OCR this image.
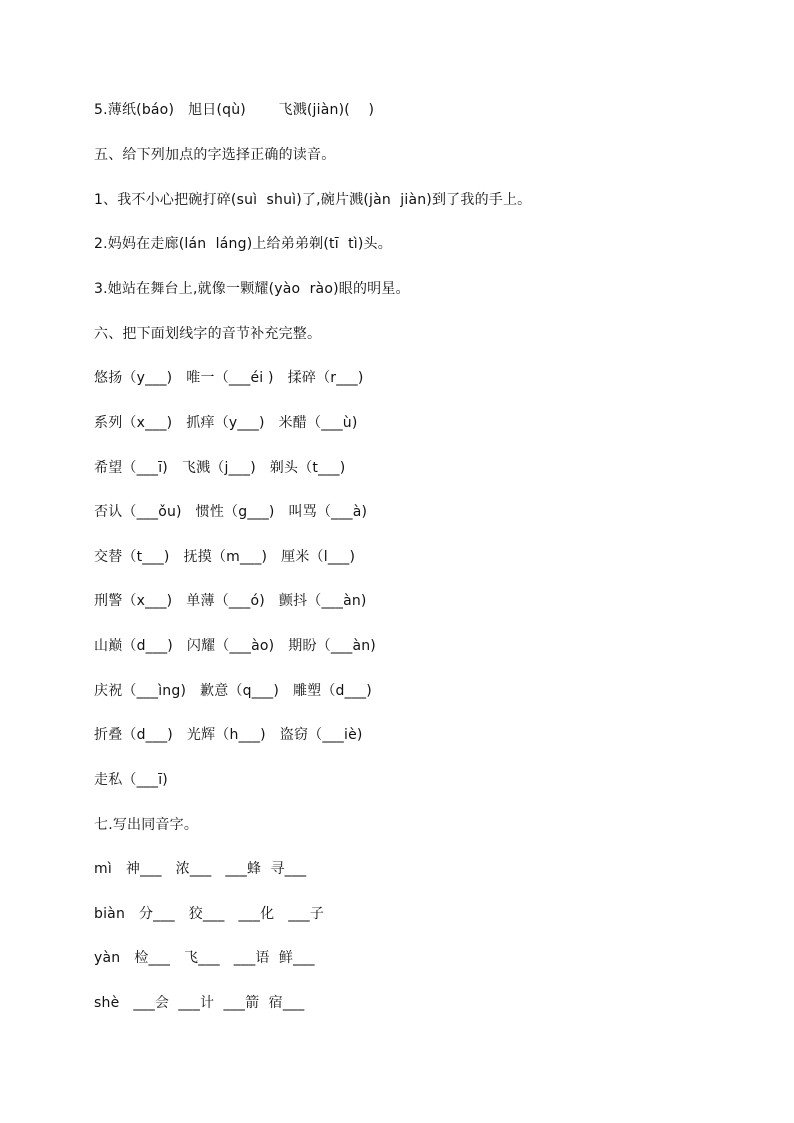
5.薄纸(báo)   旭日(qù)       飞溅(jiàn)(    )
五、给下列加点的字选择正确的读音。
1、我不小心把碗打碎(suì  shuì)了,碗片溅(jàn  jiàn)到了我的手上。
2.妈妈在走廊(lán  láng)上给弟弟剃(tī  tì)头。
3.她站在舞台上,就像一颗耀(yào  rào)眼的明星。
六、把下面划线字的音节补充完整。
悠扬（y___)   唯一（___éi )   揉碎（r___)
系列（x___)   抓痒（y___)   米醋（___ù)
希望（___ī)   飞溅（j___)   剃头（t___)
否认（___ǒu)   惯性（g___)   叫骂（___à)
交替（t___)   抚摸（m___)   厘米（l___)
刑警（x___)   单薄（___ó)   颤抖（___àn)
山巅（d___)   闪耀（___ào)   期盼（___àn)
庆祝（___ìng)   歉意（q___)   雕塑（d___)
折叠（d___)   光辉（h___)   盗窃（___iè)
走私（___ī)
七.写出同音字。
mì   神___   浓___   ___蜂  寻___
biàn   分___   狡___   ___化   ___子
yàn   检___   飞___   ___语  鲜___
shè   ___会  ___计  ___箭  宿___
